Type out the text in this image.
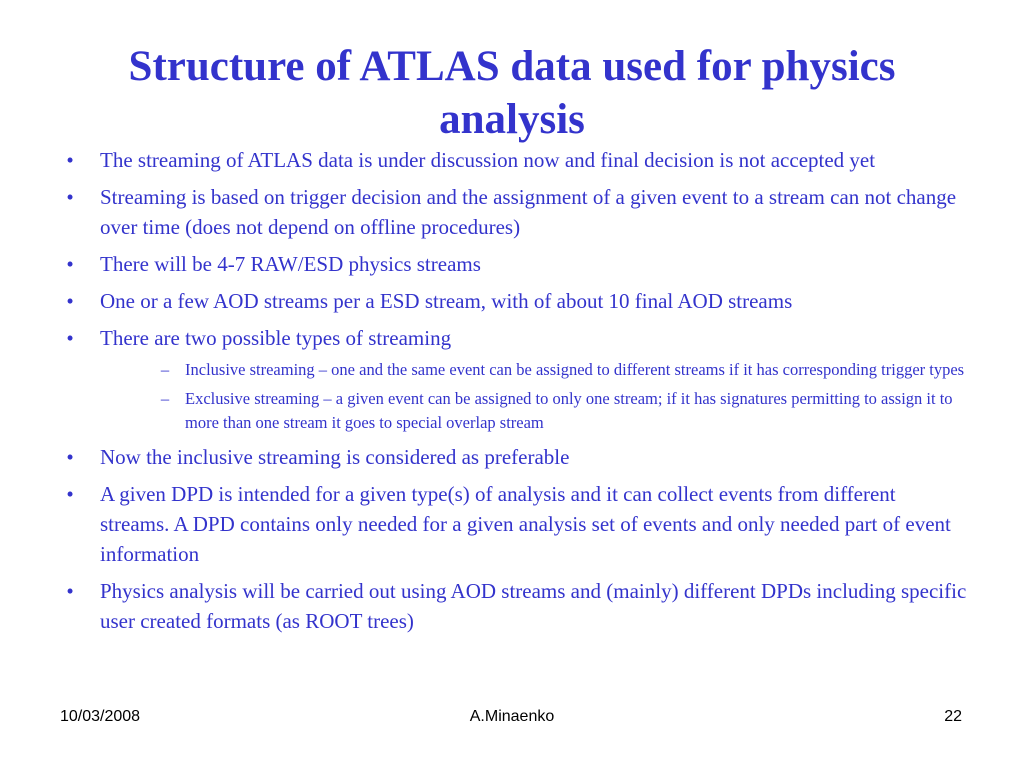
Structure of ATLAS data used for physics analysis
•	The streaming of ATLAS data is under discussion now and final decision is not accepted yet
•	Streaming is based on trigger decision and the assignment of a given event to a stream can not change over time (does not depend on offline procedures)
•	There will be 4-7 RAW/ESD physics streams
•	One or a few AOD streams per a ESD stream, with of about 10 final AOD streams
•	There are two possible types of streaming
– Inclusive streaming – one and the same event can be assigned to different streams if it has corresponding trigger types
– Exclusive streaming – a given event can be assigned to only one stream; if it has signatures permitting to assign it to more than one stream it goes to special overlap stream
•	Now the inclusive streaming is considered as preferable
•	A given DPD is intended for a given type(s) of analysis and it can collect events from different streams. A DPD contains only needed for a given analysis set of events and only needed part of event information
•	Physics analysis will be carried out using AOD streams and (mainly) different DPDs including specific user created formats (as ROOT trees)
10/03/2008	A.Minaenko	22
